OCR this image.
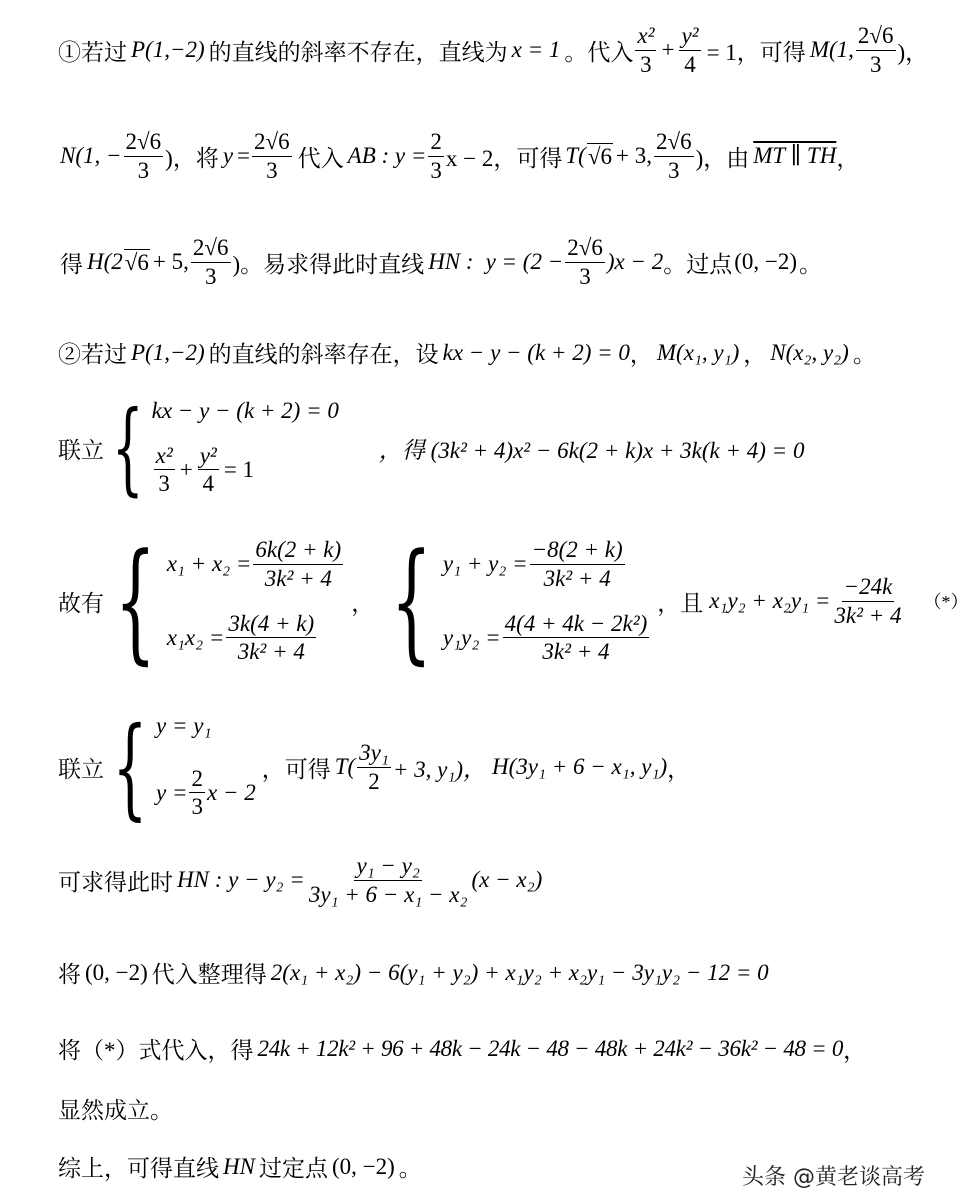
①若过 P(1,−2) 的直线的斜率不存在，直线为 x = 1 。代入 $\frac{\text{x²}}{3} + \frac{\text{y²}}{4} = 1$，可得 M(1, $\frac{2√6}{3}$ )，
N(1, − $\frac{2√6}{3}$ )，将 $y = \frac{2√6}{3}$ 代入 AB : $y = \frac{2}{3}$ x − 2，可得 T( √6 + 3, $\frac{2√6}{3}$ )，由 MT ∥ TH ，
得 H(2 √6 + 5, $\frac{2√6}{3}$ )。易求得此时直线 HN : $y = (2 - \frac{2√6}{3} )x - 2$ 。过点 (0, −2) 。
②若过 P(1,−2) 的直线的斜率存在，设 kx − y − (k + 2) = 0 ， M(x₁, y₁) ， N(x₂, y₂) 。
联立 { kx − y − (k + 2) = 0
$\frac{\text{x²}}{3} + \frac{\text{y²}}{4} = 1$
，得 (3k² + 4)x² − 6k(2 + k)x + 3k(k + 4) = 0
故有 { $x_1 + x_2 = \frac{6k(2 + k)}{\text{3k² + 4}}$
$x_1x_2 = \frac{3k(4 + k)}{\text{3k² + 4}}$
， { $y_1 + y_2 = \frac{-8(2 + k)}{\text{3k² + 4}}$
$y_1y_2 = \frac{\text{4(4 + 4k − 2k²)}}{\text{3k² + 4}}$
，且 $x_1y_2 + x_2y_1 = \frac{-24k}{\text{3k² + 4}}$ （*）
联立 { y = y₁
$y = \frac{2}{3}$ x − 2
，可得 $T( \frac{\text{3y₁}}{2} + 3$, y₁)， H(3y₁ + 6 − x₁, y₁) ，
可求得此时 HN : $y - y_2 = \frac{\text{y₁ − y₂}}{\text{3y₁ + 6 − x₁ − x₂}} (x - x_2)$
将 (0, −2) 代入整理得 2(x₁ + x₂) − 6(y₁ + y₂) + x₁y₂ + x₂y₁ − 3y₁y₂ − 12 = 0
将（*）式代入，得 24k + 12k² + 96 + 48k − 24k − 48 − 48k + 24k² − 36k² − 48 = 0 ，
显然成立。
综上，可得直线 HN 过定点 (0, −2) 。	头条 @黄老谈高考
